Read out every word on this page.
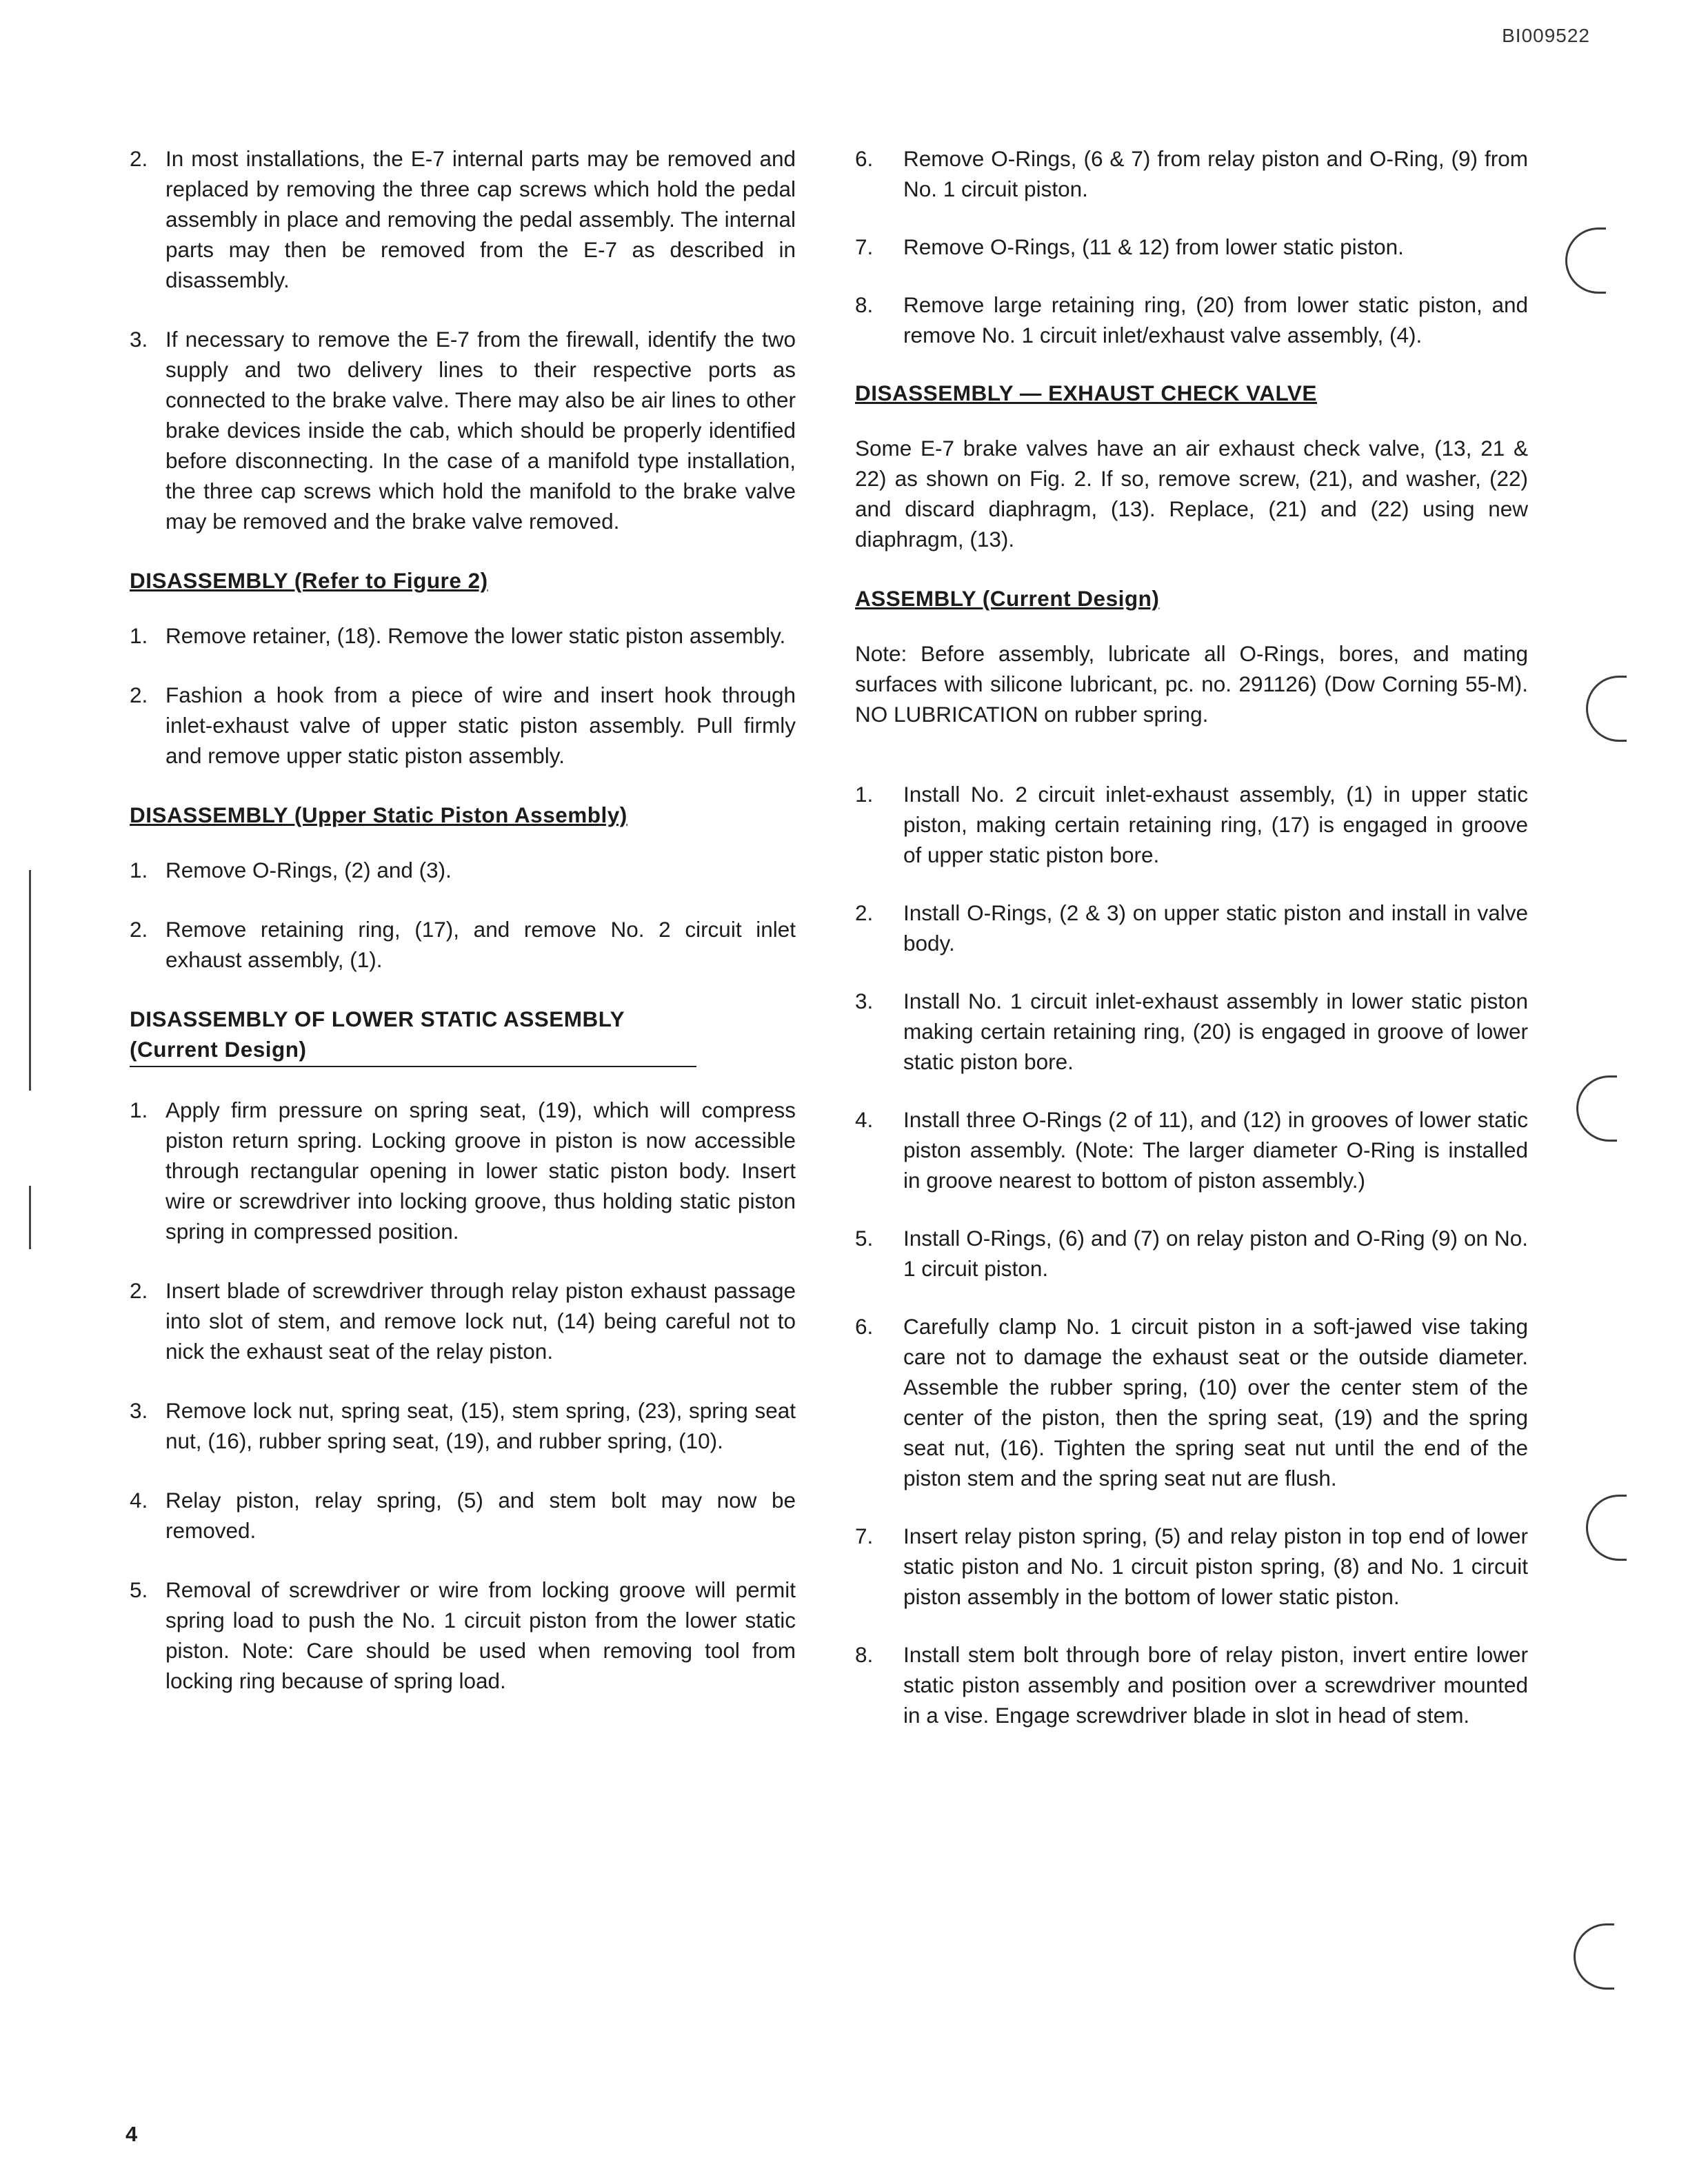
BI009522
2. In most installations, the E-7 internal parts may be removed and replaced by removing the three cap screws which hold the pedal assembly in place and removing the pedal assembly. The internal parts may then be removed from the E-7 as described in disassembly.
3. If necessary to remove the E-7 from the firewall, identify the two supply and two delivery lines to their respective ports as connected to the brake valve. There may also be air lines to other brake devices inside the cab, which should be properly identified before disconnecting. In the case of a manifold type installation, the three cap screws which hold the manifold to the brake valve may be removed and the brake valve removed.
DISASSEMBLY (Refer to Figure 2)
1. Remove retainer, (18). Remove the lower static piston assembly.
2. Fashion a hook from a piece of wire and insert hook through inlet-exhaust valve of upper static piston assembly. Pull firmly and remove upper static piston assembly.
DISASSEMBLY (Upper Static Piston Assembly)
1. Remove O-Rings, (2) and (3).
2. Remove retaining ring, (17), and remove No. 2 circuit inlet exhaust assembly, (1).
DISASSEMBLY OF LOWER STATIC ASSEMBLY
(Current Design)
1. Apply firm pressure on spring seat, (19), which will compress piston return spring. Locking groove in piston is now accessible through rectangular opening in lower static piston body. Insert wire or screwdriver into locking groove, thus holding static piston spring in compressed position.
2. Insert blade of screwdriver through relay piston exhaust passage into slot of stem, and remove lock nut, (14) being careful not to nick the exhaust seat of the relay piston.
3. Remove lock nut, spring seat, (15), stem spring, (23), spring seat nut, (16), rubber spring seat, (19), and rubber spring, (10).
4. Relay piston, relay spring, (5) and stem bolt may now be removed.
5. Removal of screwdriver or wire from locking groove will permit spring load to push the No. 1 circuit piston from the lower static piston. Note: Care should be used when removing tool from locking ring because of spring load.
6.	Remove O-Rings, (6 & 7) from relay piston and O-Ring, (9) from No. 1 circuit piston.
7.	Remove O-Rings, (11 & 12) from lower static piston.
8.	Remove large retaining ring, (20) from lower static piston, and remove No. 1 circuit inlet/exhaust valve assembly, (4).
DISASSEMBLY — EXHAUST CHECK VALVE
Some E-7 brake valves have an air exhaust check valve, (13, 21 & 22) as shown on Fig. 2. If so, remove screw, (21), and washer, (22) and discard diaphragm, (13). Replace, (21) and (22) using new diaphragm, (13).
ASSEMBLY (Current Design)
Note: Before assembly, lubricate all O-Rings, bores, and mating surfaces with silicone lubricant, pc. no. 291126) (Dow Corning 55-M). NO LUBRICATION on rubber spring.
1.	Install No. 2 circuit inlet-exhaust assembly, (1) in upper static piston, making certain retaining ring, (17) is engaged in groove of upper static piston bore.
2.	Install O-Rings, (2 & 3) on upper static piston and install in valve body.
3.	Install No. 1 circuit inlet-exhaust assembly in lower static piston making certain retaining ring, (20) is engaged in groove of lower static piston bore.
4.	Install three O-Rings (2 of 11), and (12) in grooves of lower static piston assembly. (Note: The larger diameter O-Ring is installed in groove nearest to bottom of piston assembly.)
5.	Install O-Rings, (6) and (7) on relay piston and O-Ring (9) on No. 1 circuit piston.
6.	Carefully clamp No. 1 circuit piston in a soft-jawed vise taking care not to damage the exhaust seat or the outside diameter. Assemble the rubber spring, (10) over the center stem of the center of the piston, then the spring seat, (19) and the spring seat nut, (16). Tighten the spring seat nut until the end of the piston stem and the spring seat nut are flush.
7.	Insert relay piston spring, (5) and relay piston in top end of lower static piston and No. 1 circuit piston spring, (8) and No. 1 circuit piston assembly in the bottom of lower static piston.
8.	Install stem bolt through bore of relay piston, invert entire lower static piston assembly and position over a screwdriver mounted in a vise. Engage screwdriver blade in slot in head of stem.
4
